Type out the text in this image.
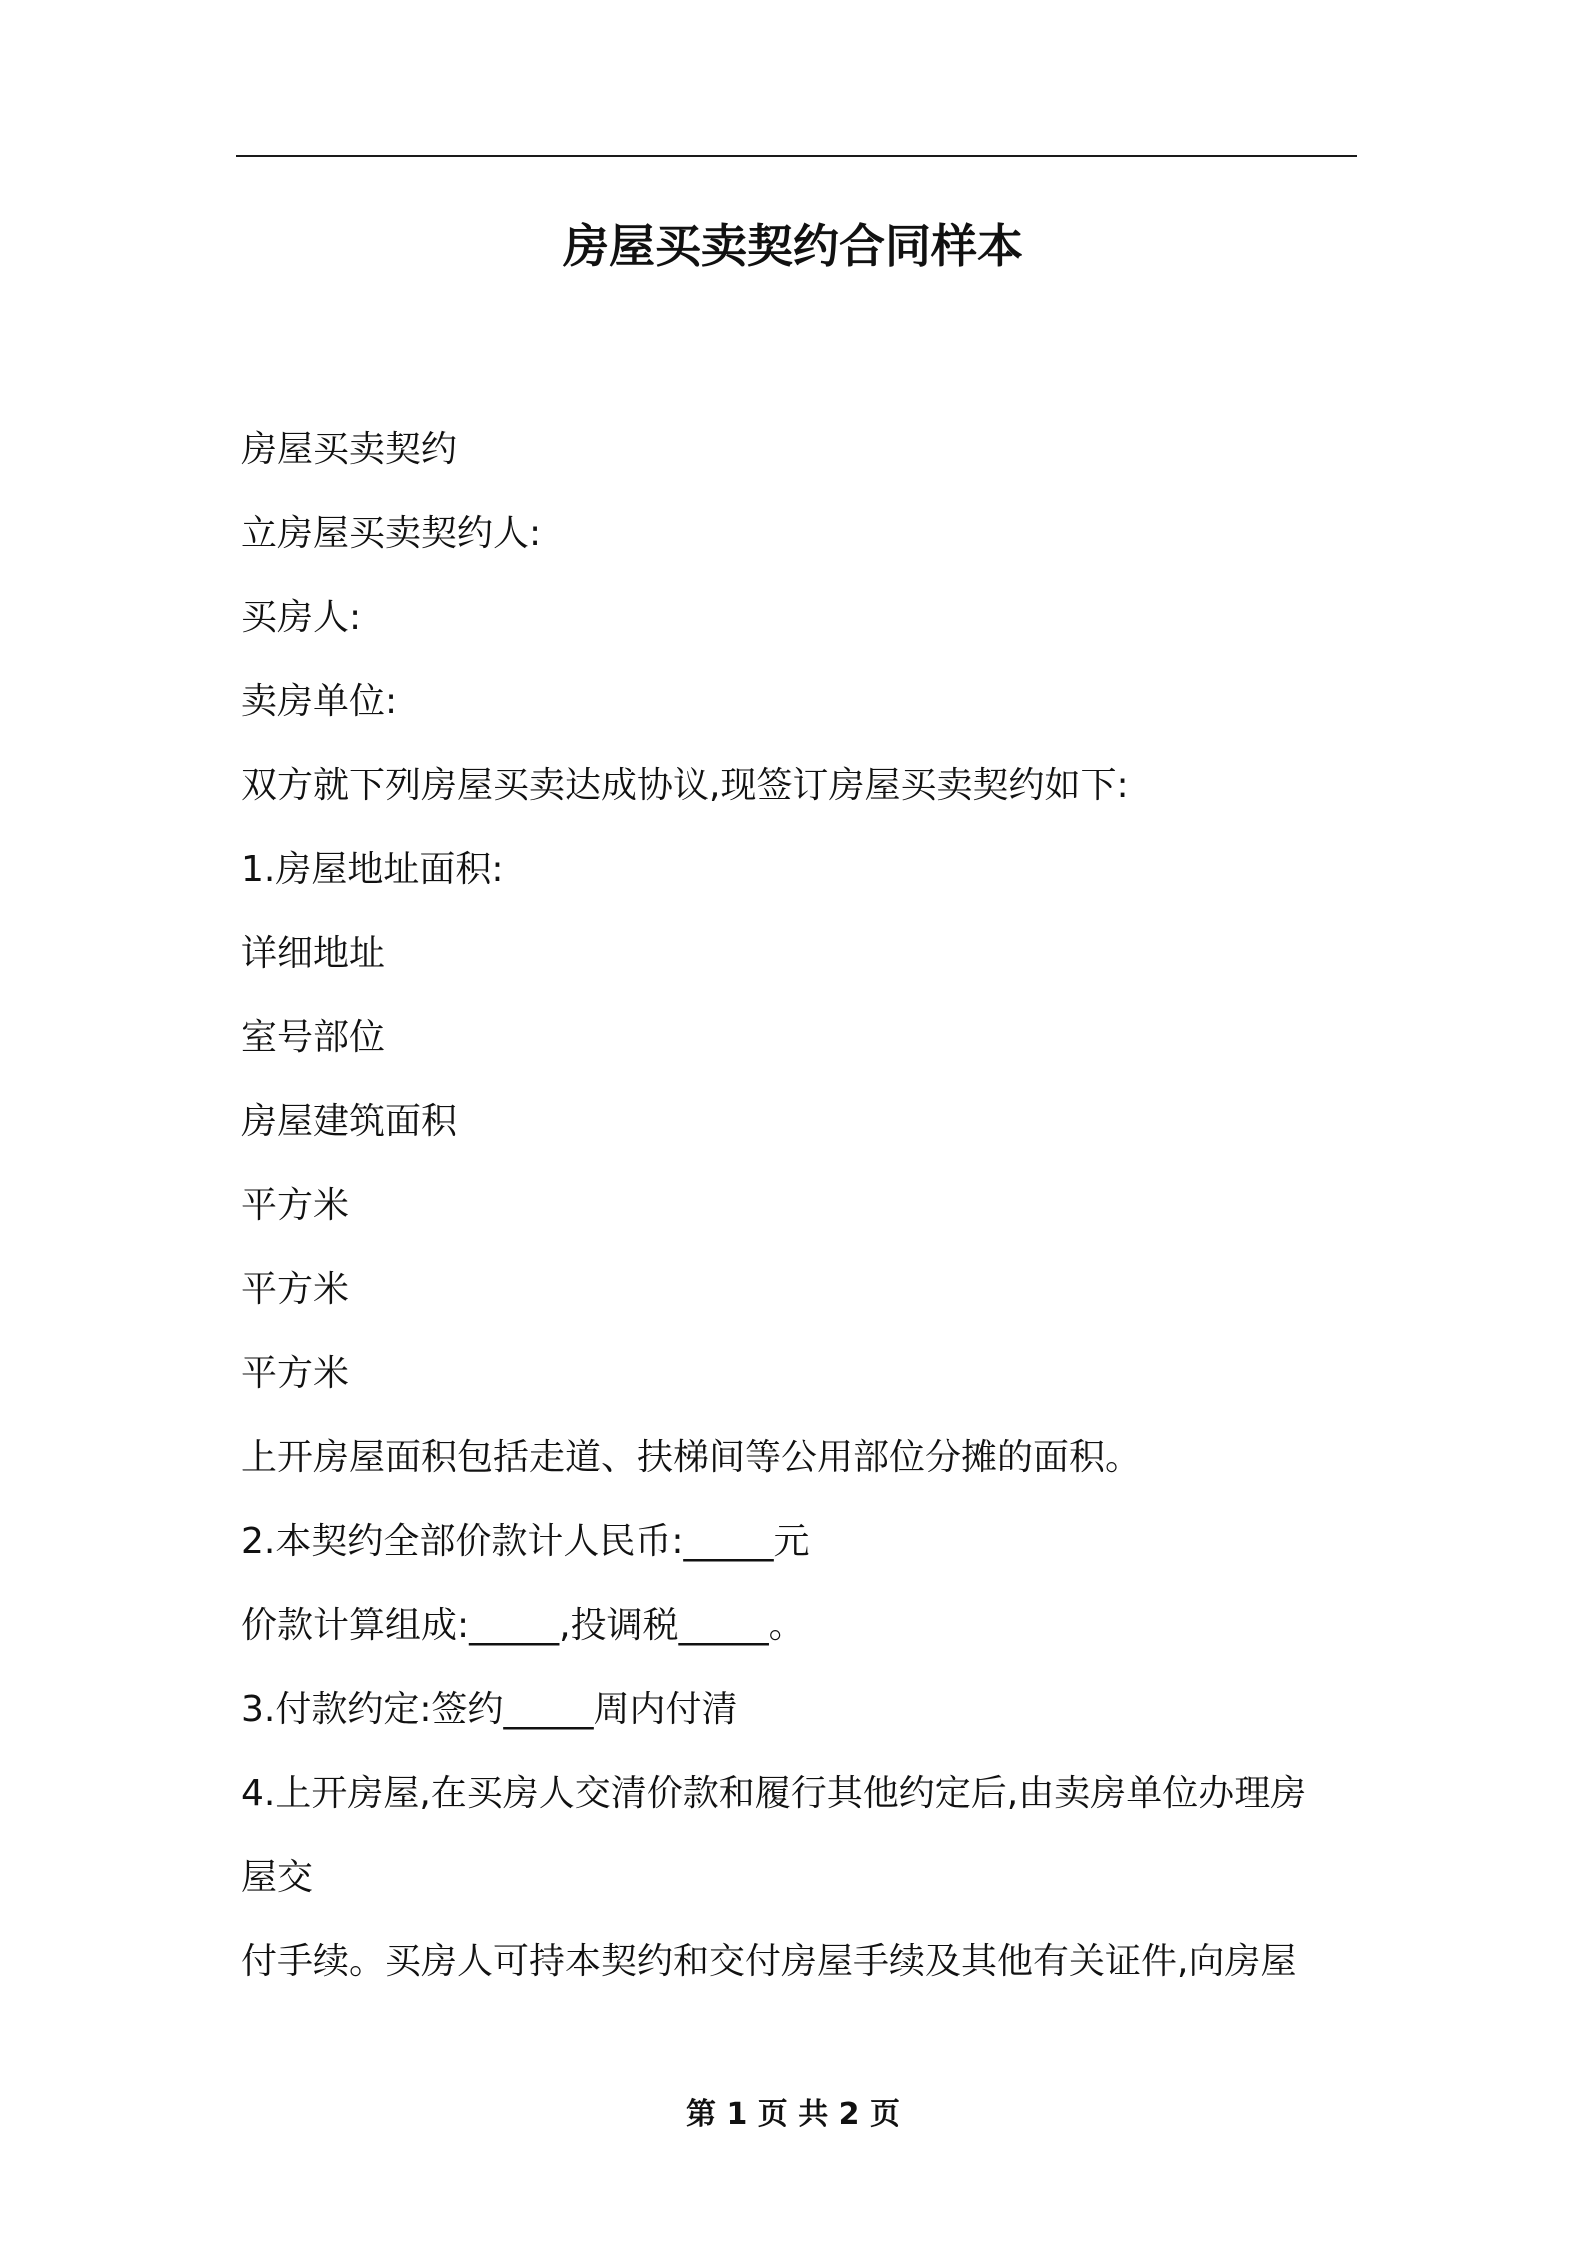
房屋买卖契约合同样本
房屋买卖契约
立房屋买卖契约人:
买房人:
卖房单位:
双方就下列房屋买卖达成协议,现签订房屋买卖契约如下:
1.房屋地址面积:
详细地址
室号部位
房屋建筑面积
平方米
平方米
平方米
上开房屋面积包括走道、扶梯间等公用部位分摊的面积。
2.本契约全部价款计人民币:_____元
价款计算组成:_____,投调税_____。
3.付款约定:签约_____周内付清
4.上开房屋,在买房人交清价款和履行其他约定后,由卖房单位办理房
屋交
付手续。买房人可持本契约和交付房屋手续及其他有关证件,向房屋
第 1 页 共 2 页
